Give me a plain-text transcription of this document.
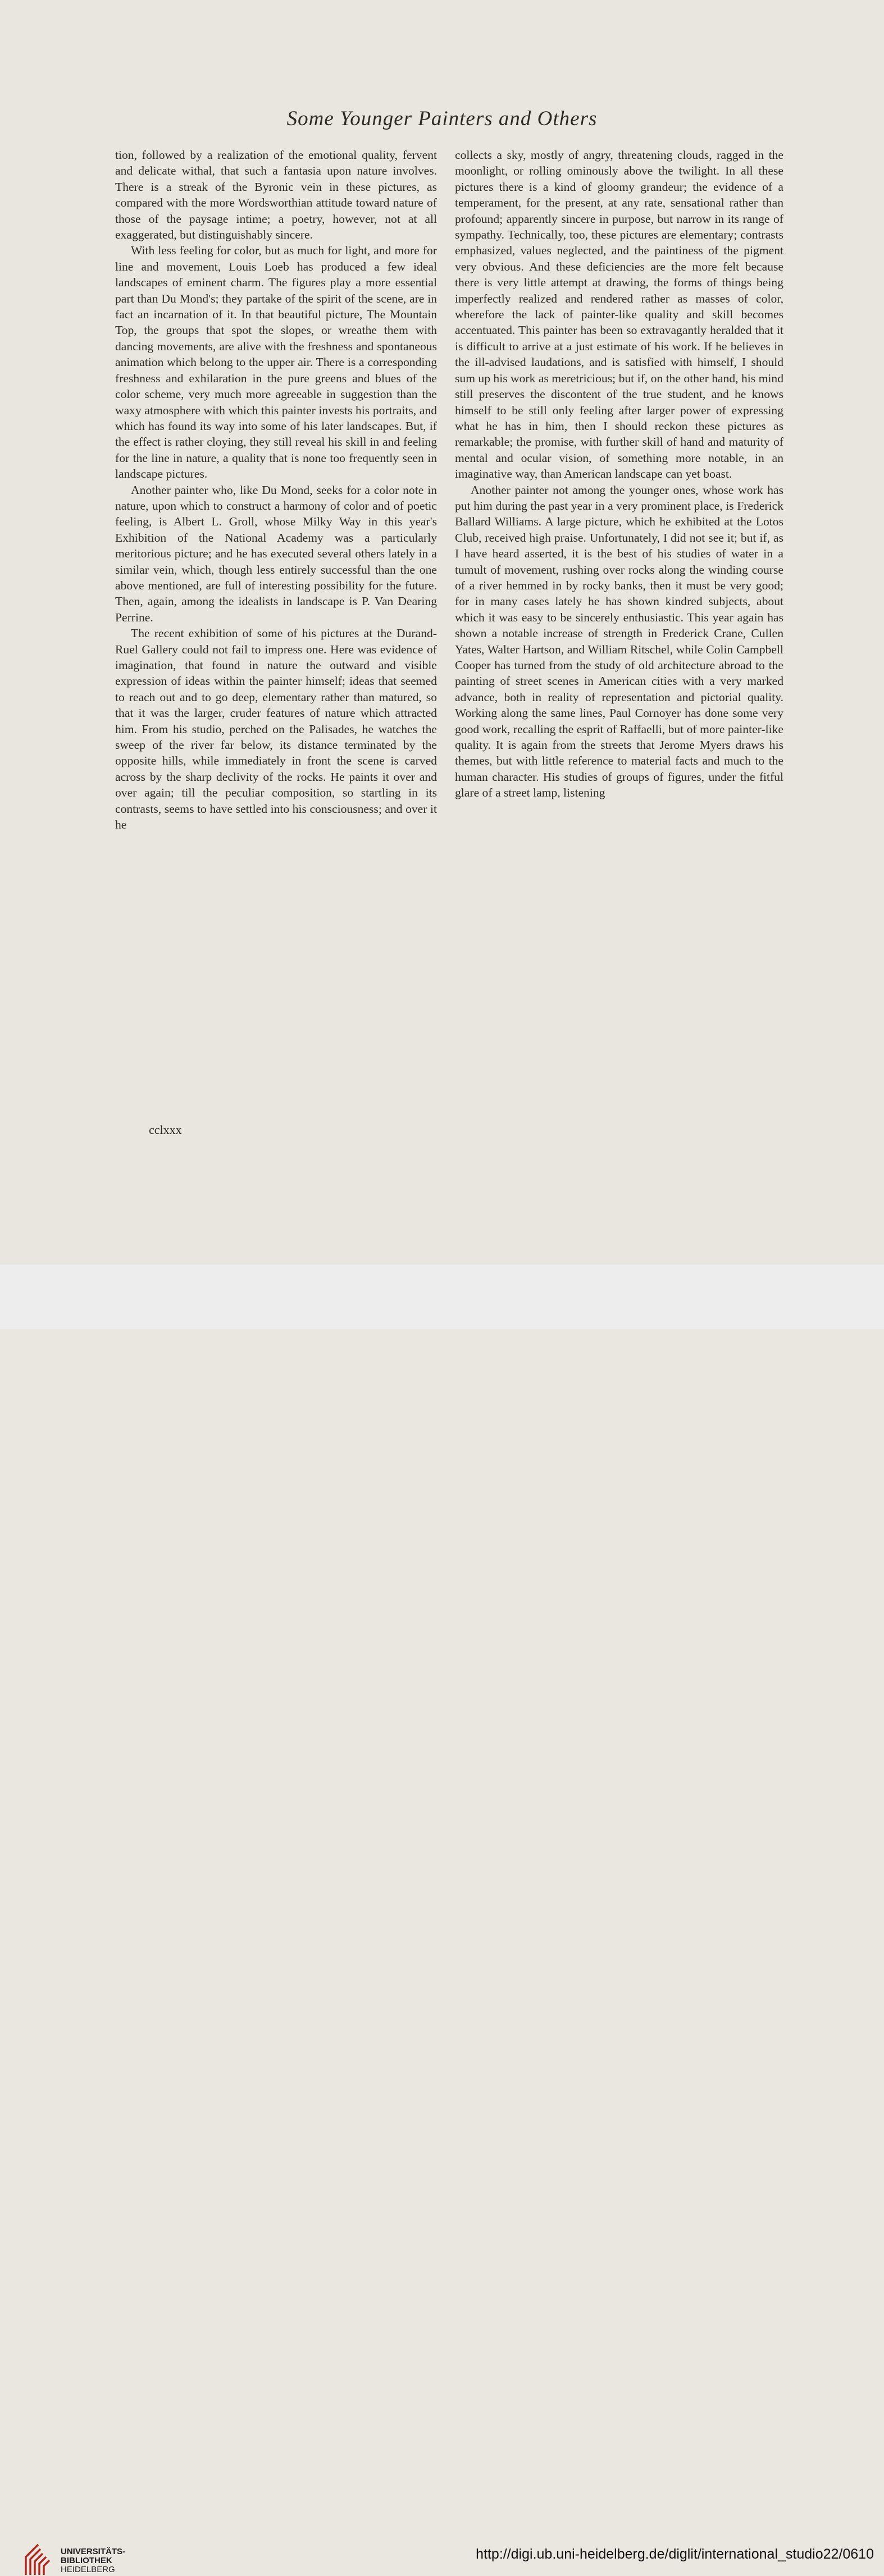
Some Younger Painters and Others

tion, followed by a realization of the emotional quality, fervent and delicate withal, that such a fantasia upon nature involves. There is a streak of the Byronic vein in these pictures, as compared with the more Wordsworthian attitude toward nature of those of the paysage intime; a poetry, however, not at all exaggerated, but distinguishably sincere.

With less feeling for color, but as much for light, and more for line and movement, Louis Loeb has produced a few ideal landscapes of eminent charm. The figures play a more essential part than Du Mond's; they partake of the spirit of the scene, are in fact an incarnation of it. In that beautiful picture, The Mountain Top, the groups that spot the slopes, or wreathe them with dancing movements, are alive with the freshness and spontaneous animation which belong to the upper air. There is a corresponding freshness and exhilaration in the pure greens and blues of the color scheme, very much more agreeable in suggestion than the waxy atmosphere with which this painter invests his portraits, and which has found its way into some of his later landscapes. But, if the effect is rather cloying, they still reveal his skill in and feeling for the line in nature, a quality that is none too frequently seen in landscape pictures.

Another painter who, like Du Mond, seeks for a color note in nature, upon which to construct a harmony of color and of poetic feeling, is Albert L. Groll, whose Milky Way in this year's Exhibition of the National Academy was a particularly meritorious picture; and he has executed several others lately in a similar vein, which, though less entirely successful than the one above mentioned, are full of interesting possibility for the future. Then, again, among the idealists in landscape is P. Van Dearing Perrine.

The recent exhibition of some of his pictures at the Durand-Ruel Gallery could not fail to impress one. Here was evidence of imagination, that found in nature the outward and visible expression of ideas within the painter himself; ideas that seemed to reach out and to go deep, elementary rather than matured, so that it was the larger, cruder features of nature which attracted him. From his studio, perched on the Palisades, he watches the sweep of the river far below, its distance terminated by the opposite hills, while immediately in front the scene is carved across by the sharp declivity of the rocks. He paints it over and over again; till the peculiar composition, so startling in its contrasts, seems to have settled into his consciousness; and over it he

collects a sky, mostly of angry, threatening clouds, ragged in the moonlight, or rolling ominously above the twilight. In all these pictures there is a kind of gloomy grandeur; the evidence of a temperament, for the present, at any rate, sensational rather than profound; apparently sincere in purpose, but narrow in its range of sympathy. Technically, too, these pictures are elementary; contrasts emphasized, values neglected, and the paintiness of the pigment very obvious. And these deficiencies are the more felt because there is very little attempt at drawing, the forms of things being imperfectly realized and rendered rather as masses of color, wherefore the lack of painter-like quality and skill becomes accentuated. This painter has been so extravagantly heralded that it is difficult to arrive at a just estimate of his work. If he believes in the ill-advised laudations, and is satisfied with himself, I should sum up his work as meretricious; but if, on the other hand, his mind still preserves the discontent of the true student, and he knows himself to be still only feeling after larger power of expressing what he has in him, then I should reckon these pictures as remarkable; the promise, with further skill of hand and maturity of mental and ocular vision, of something more notable, in an imaginative way, than American landscape can yet boast.

Another painter not among the younger ones, whose work has put him during the past year in a very prominent place, is Frederick Ballard Williams. A large picture, which he exhibited at the Lotos Club, received high praise. Unfortunately, I did not see it; but if, as I have heard asserted, it is the best of his studies of water in a tumult of movement, rushing over rocks along the winding course of a river hemmed in by rocky banks, then it must be very good; for in many cases lately he has shown kindred subjects, about which it was easy to be sincerely enthusiastic. This year again has shown a notable increase of strength in Frederick Crane, Cullen Yates, Walter Hartson, and William Ritschel, while Colin Campbell Cooper has turned from the study of old architecture abroad to the painting of street scenes in American cities with a very marked advance, both in reality of representation and pictorial quality. Working along the same lines, Paul Cornoyer has done some very good work, recalling the esprit of Raffaelli, but of more painter-like quality. It is again from the streets that Jerome Myers draws his themes, but with little reference to material facts and much to the human character. His studies of groups of figures, under the fitful glare of a street lamp, listening

cclxxx
UNIVERSITÄTS-
BIBLIOTHEK
HEIDELBERG
http://digi.ub.uni-heidelberg.de/diglit/international_studio22/0610
